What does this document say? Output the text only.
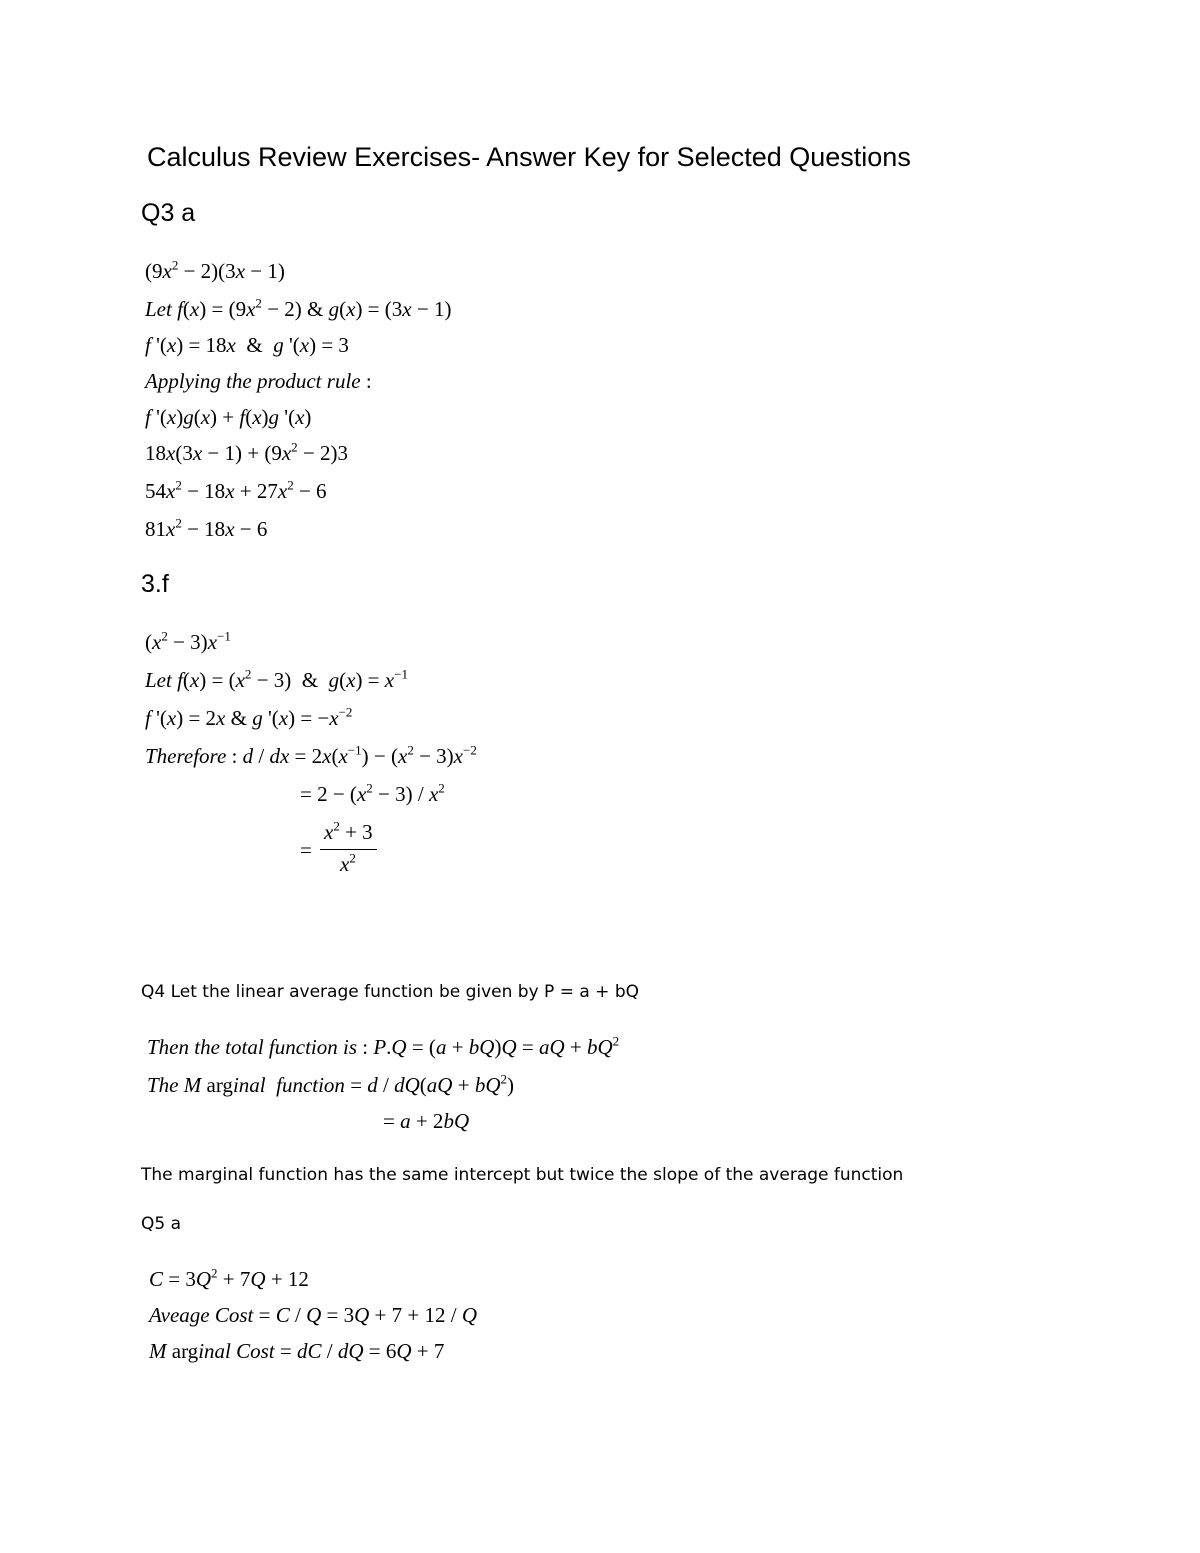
Calculus Review Exercises- Answer Key for Selected Questions
Q3 a
$(9x^2 - 2)(3x - 1)$
Let $f(x) = (9x^2 - 2)$ & g(x) = (3x − 1)
f '(x) = 18x  &  g '(x) = 3
Applying the product rule :
f '(x)g(x) + f(x)g '(x)
$18x(3x - 1) + (9x^2 - 2)3$
$54x^2 - 18x + 27x^2 - 6$
$81x^2 - 18x - 6$
3.f
$(x^2 - 3)x^{-1}$
Let $f(x) = (x^2 - 3)$  &  $g(x) = x^{-1}$
f '(x) = 2x & g '$(x) = -x^{-2}$
Therefore : d / dx = $2x(x^{-1}) - (x^2 - 3)x^{-2}$
= $2 - (x^2 - 3) / x^2$
=
$x^2 + 3$
$x^2$
Q4 Let the linear average function be given by P = a + bQ
Then the total function is : P.Q = (a + bQ)Q = aQ + $bQ^2$
The M arginal  function = $d / dQ(aQ + bQ^2)$
= a + 2bQ
The marginal function has the same intercept but twice the slope of the average function
Q5 a
$C = 3Q^2 + 7Q + 12$
Aveage Cost = C / Q = 3Q + 7 + 12 / Q
M arginal Cost = dC / dQ = 6Q + 7
